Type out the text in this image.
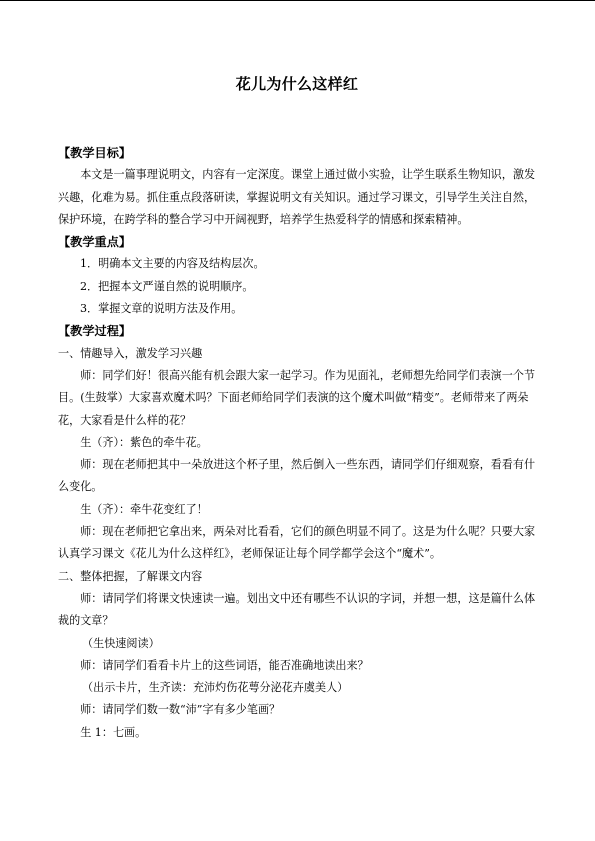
花儿为什么这样红

【教学目标】

本文是一篇事理说明文，内容有一定深度。课堂上通过做小实验，让学生联系生物知识，激发兴趣，化难为易。抓住重点段落研读，掌握说明文有关知识。通过学习课文，引导学生关注自然，保护环境，在跨学科的整合学习中开阔视野，培养学生热爱科学的情感和探索精神。

【教学重点】

1．明确本文主要的内容及结构层次。

2．把握本文严谨自然的说明顺序。

3．掌握文章的说明方法及作用。

【教学过程】

一、情趣导入，激发学习兴趣

师：同学们好！很高兴能有机会跟大家一起学习。作为见面礼，老师想先给同学们表演一个节目。(生鼓掌）大家喜欢魔术吗？下面老师给同学们表演的这个魔术叫做“精变”。老师带来了两朵花，大家看是什么样的花？

生（齐）：紫色的牵牛花。

师：现在老师把其中一朵放进这个杯子里，然后倒入一些东西，请同学们仔细观察，看看有什么变化。

生（齐）：牵牛花变红了！

师：现在老师把它拿出来，两朵对比看看，它们的颜色明显不同了。这是为什么呢？只要大家认真学习课文《花儿为什么这样红》，老师保证让每个同学都学会这个“魔术”。

二、整体把握，了解课文内容

师：请同学们将课文快速读一遍。划出文中还有哪些不认识的字词，并想一想，这是篇什么体裁的文章？

（生快速阅读）

师：请同学们看看卡片上的这些词语，能否准确地读出来？

（出示卡片，生齐读：充沛灼伤花萼分泌花卉虞美人）

师：请同学们数一数“沛”字有多少笔画？

生 1：七画。
